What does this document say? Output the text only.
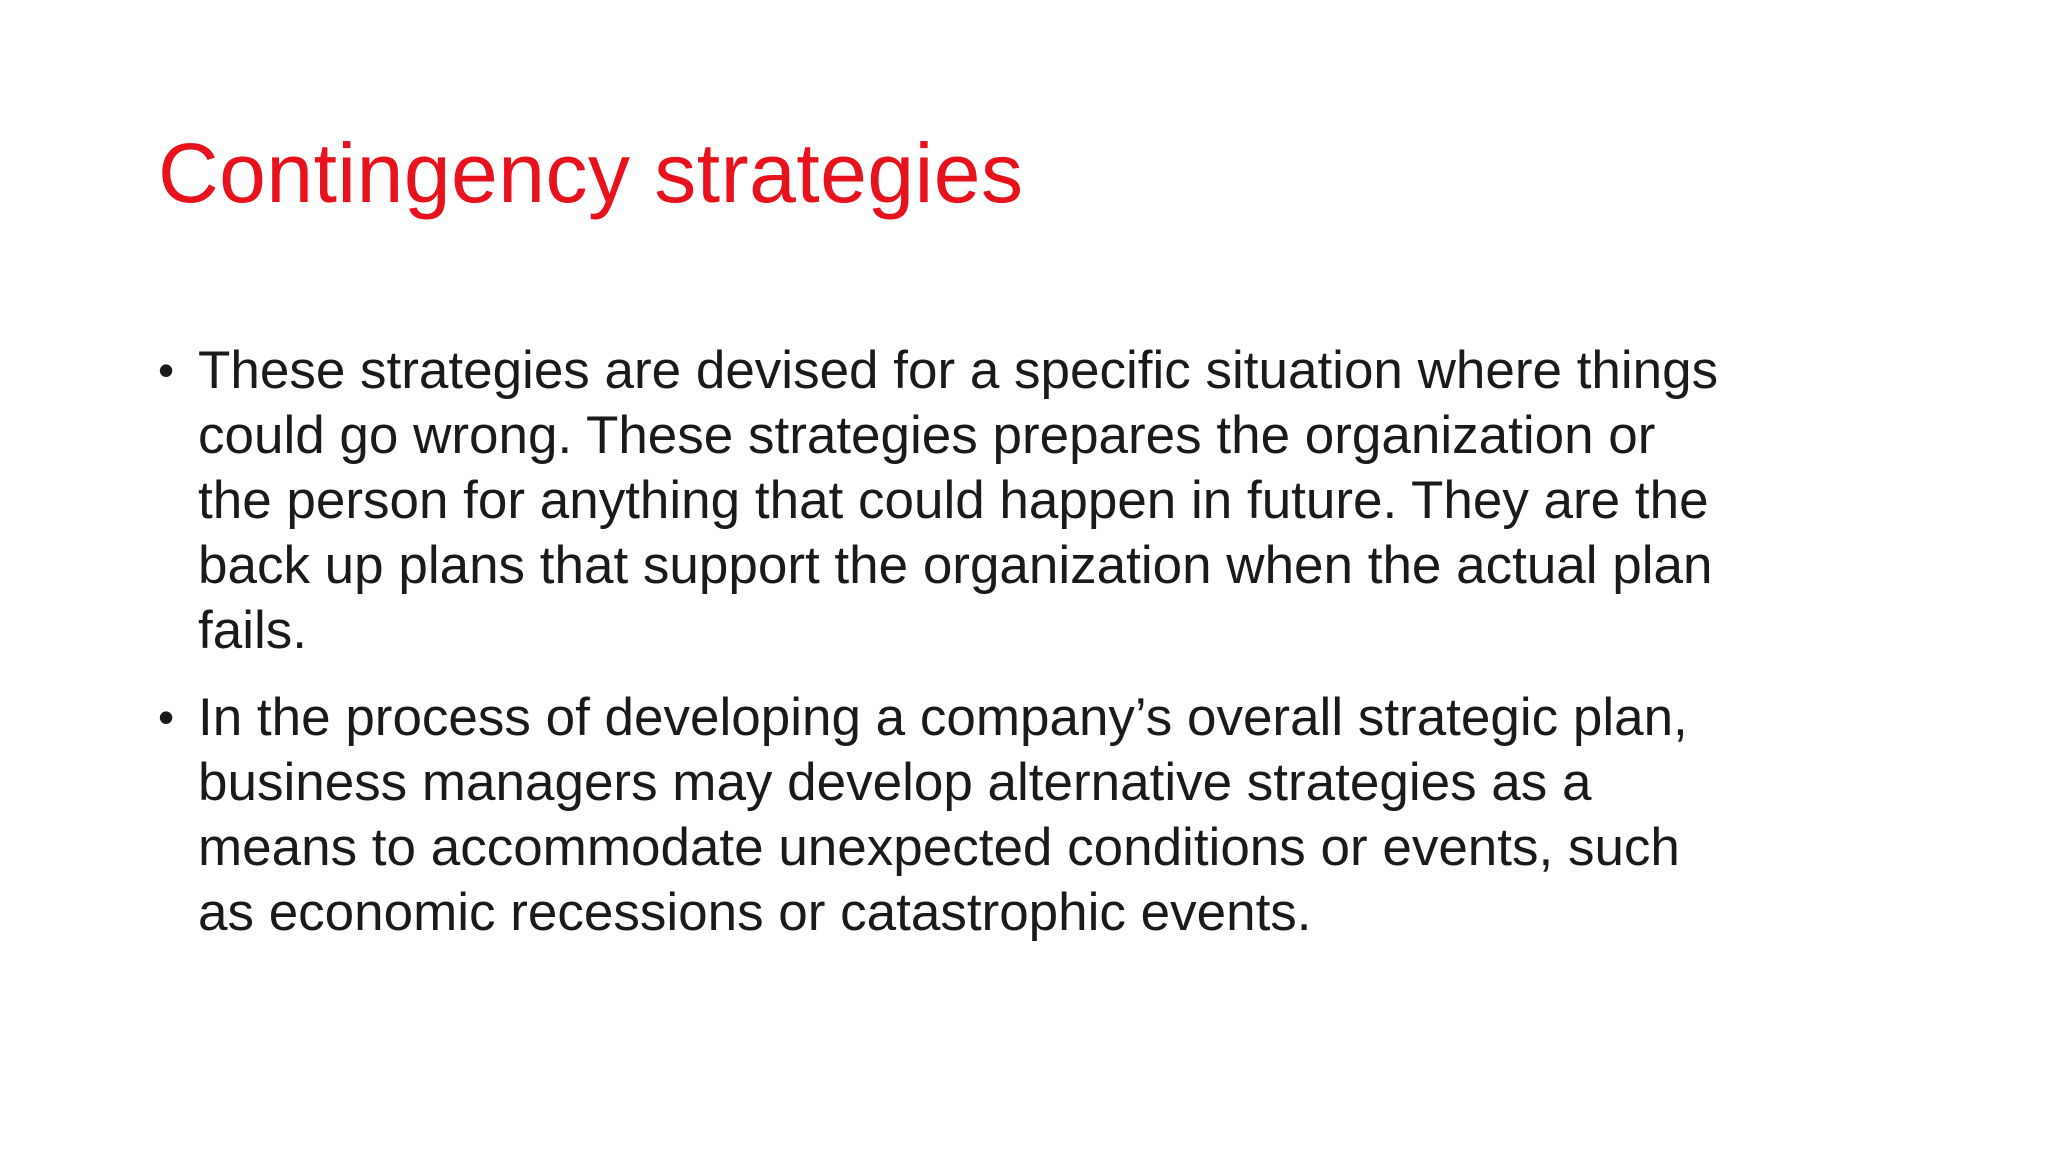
Contingency strategies
• These strategies are devised for a specific situation where things could go wrong. These strategies prepares the organization or the person for anything that could happen in future. They are the back up plans that support the organization when the actual plan fails.
• In the process of developing a company’s overall strategic plan, business managers may develop alternative strategies as a means to accommodate unexpected conditions or events, such as economic recessions or catastrophic events.
